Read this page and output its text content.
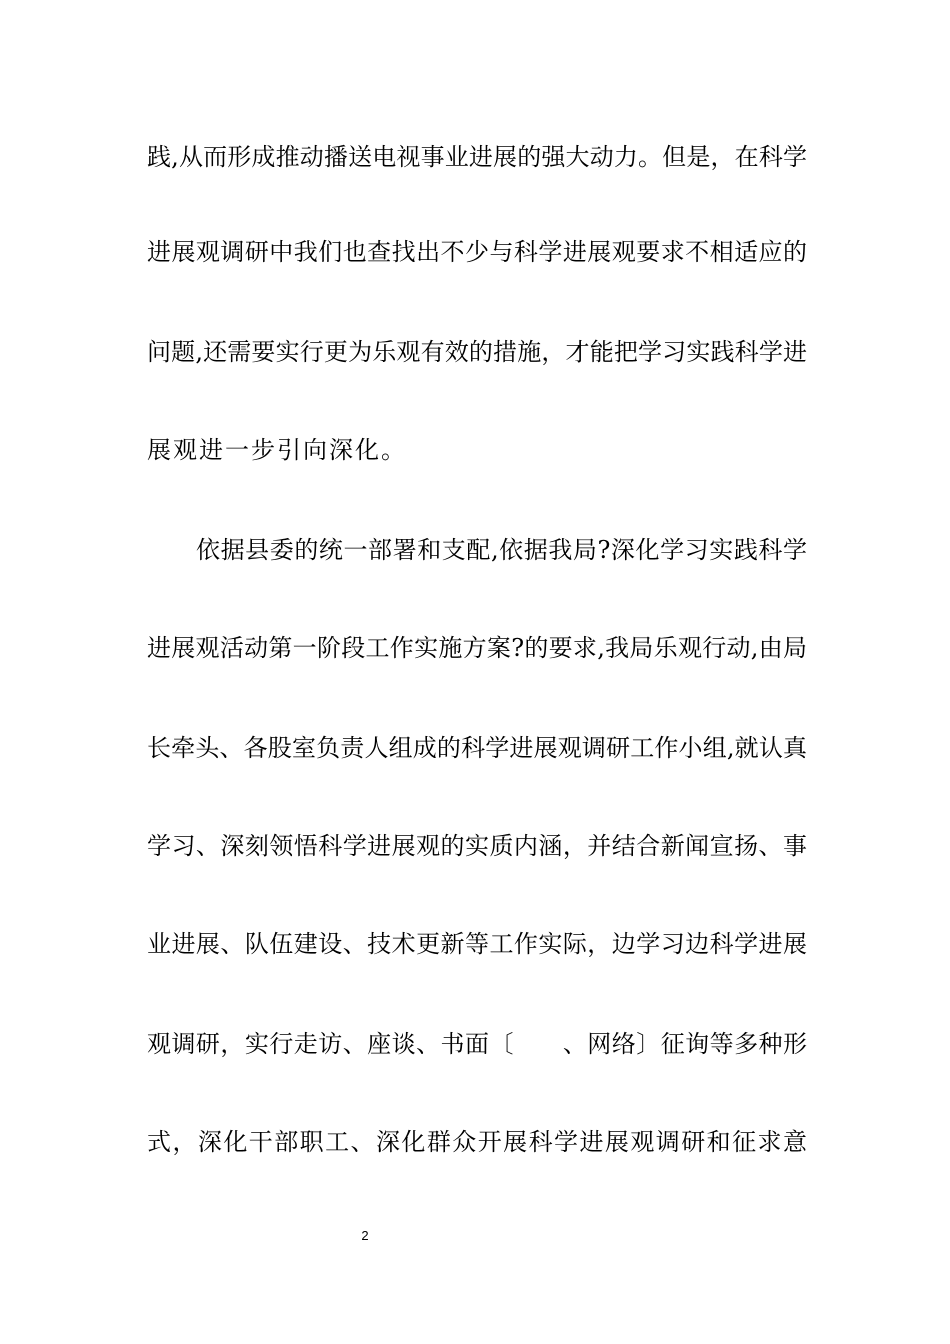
践,从而形成推动播送电视事业进展的强大动力。但是，在科学
进展观调研中我们也查找出不少与科学进展观要求不相适应的
问题,还需要实行更为乐观有效的措施，才能把学习实践科学进
展观进一步引向深化。
依据县委的统一部署和支配,依据我局?深化学习实践科学
进展观活动第一阶段工作实施方案?的要求,我局乐观行动,由局
长牵头、各股室负责人组成的科学进展观调研工作小组,就认真
学习、深刻领悟科学进展观的实质内涵，并结合新闻宣扬、事
业进展、队伍建设、技术更新等工作实际，边学习边科学进展
观调研，实行走访、座谈、书面〔　　、网络〕征询等多种形
式，深化干部职工、深化群众开展科学进展观调研和征求意
2
